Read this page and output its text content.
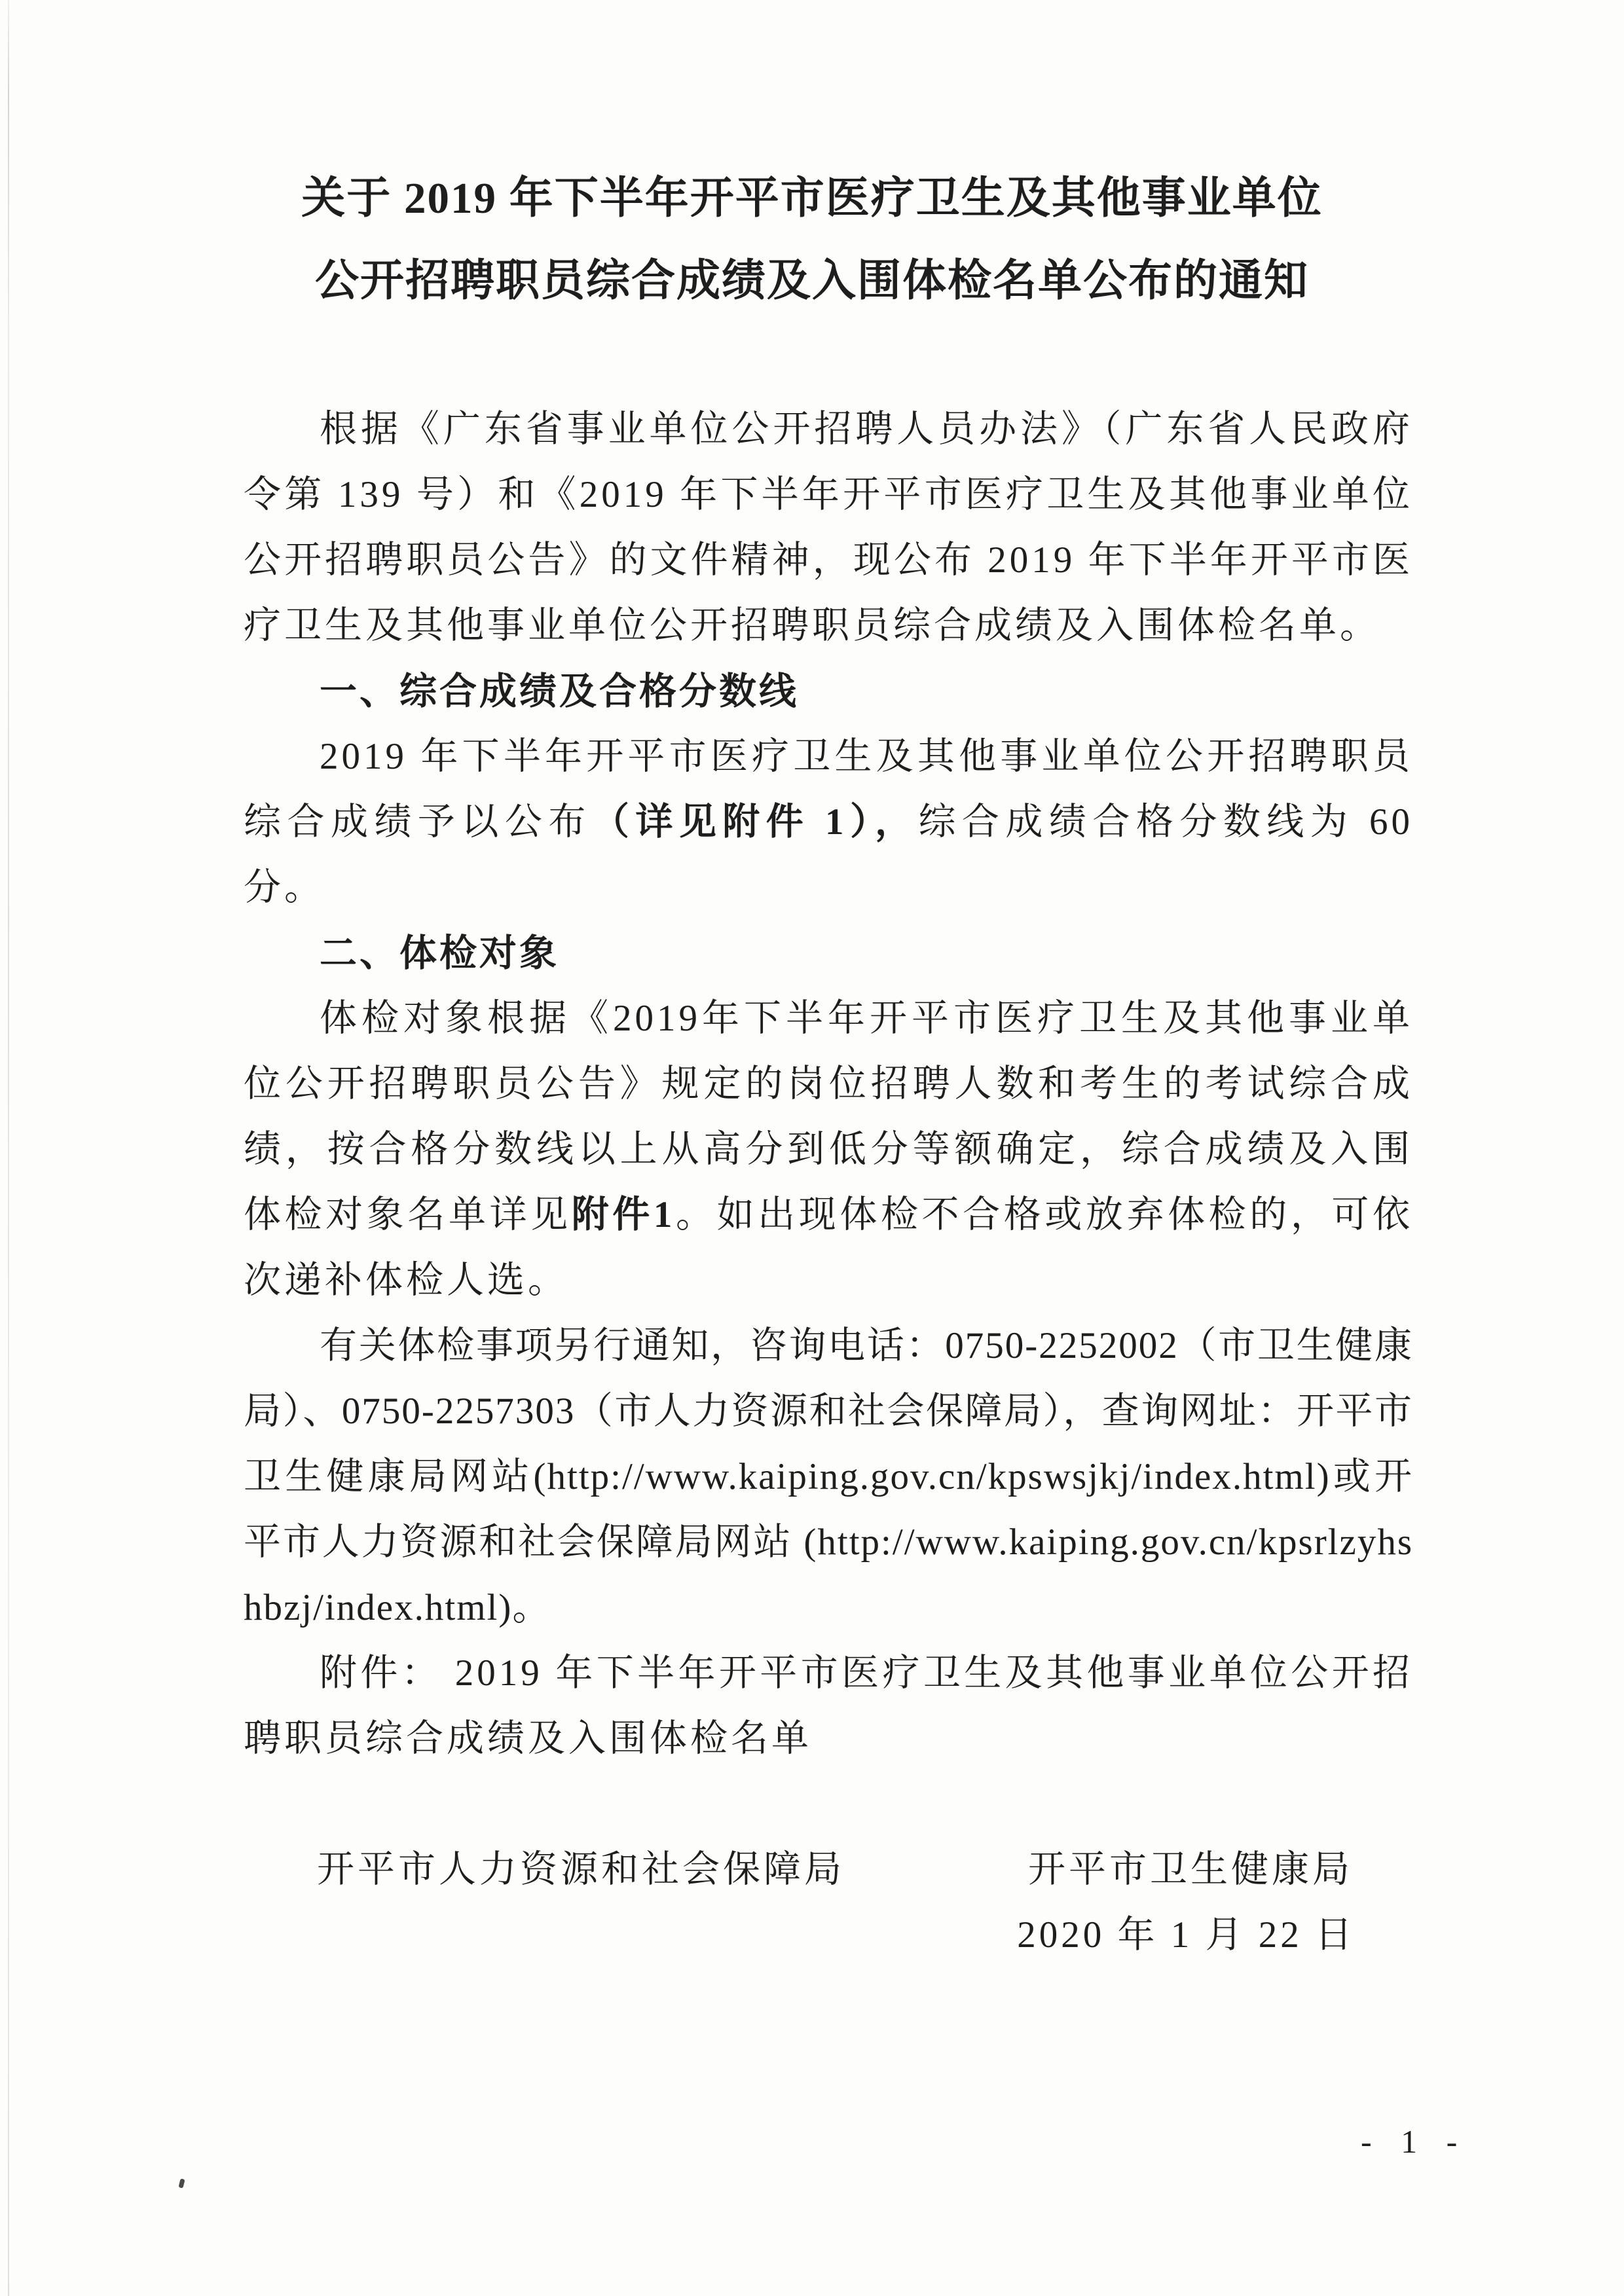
关于 2019 年下半年开平市医疗卫生及其他事业单位
公开招聘职员综合成绩及入围体检名单公布的通知

根据《广东省事业单位公开招聘人员办法》（广东省人民政府令第 139 号）和《2019 年下半年开平市医疗卫生及其他事业单位公开招聘职员公告》的文件精神，现公布 2019 年下半年开平市医疗卫生及其他事业单位公开招聘职员综合成绩及入围体检名单。

一、综合成绩及合格分数线

2019 年下半年开平市医疗卫生及其他事业单位公开招聘职员综合成绩予以公布（详见附件 1），综合成绩合格分数线为 60 分。

二、体检对象

体检对象根据《2019年下半年开平市医疗卫生及其他事业单位公开招聘职员公告》规定的岗位招聘人数和考生的考试综合成绩，按合格分数线以上从高分到低分等额确定，综合成绩及入围体检对象名单详见附件1。如出现体检不合格或放弃体检的，可依次递补体检人选。

有关体检事项另行通知，咨询电话：0750-2252002（市卫生健康局）、0750-2257303（市人力资源和社会保障局），查询网址：开平市卫生健康局网站(http://www.kaiping.gov.cn/kpswsjkj/index.html)或开平市人力资源和社会保障局网站 (http://www.kaiping.gov.cn/kpsrlzyhshbzj/index.html)。

附件： 2019 年下半年开平市医疗卫生及其他事业单位公开招聘职员综合成绩及入围体检名单

开平市人力资源和社会保障局	开平市卫生健康局

2020 年 1 月 22 日

- 1 -
